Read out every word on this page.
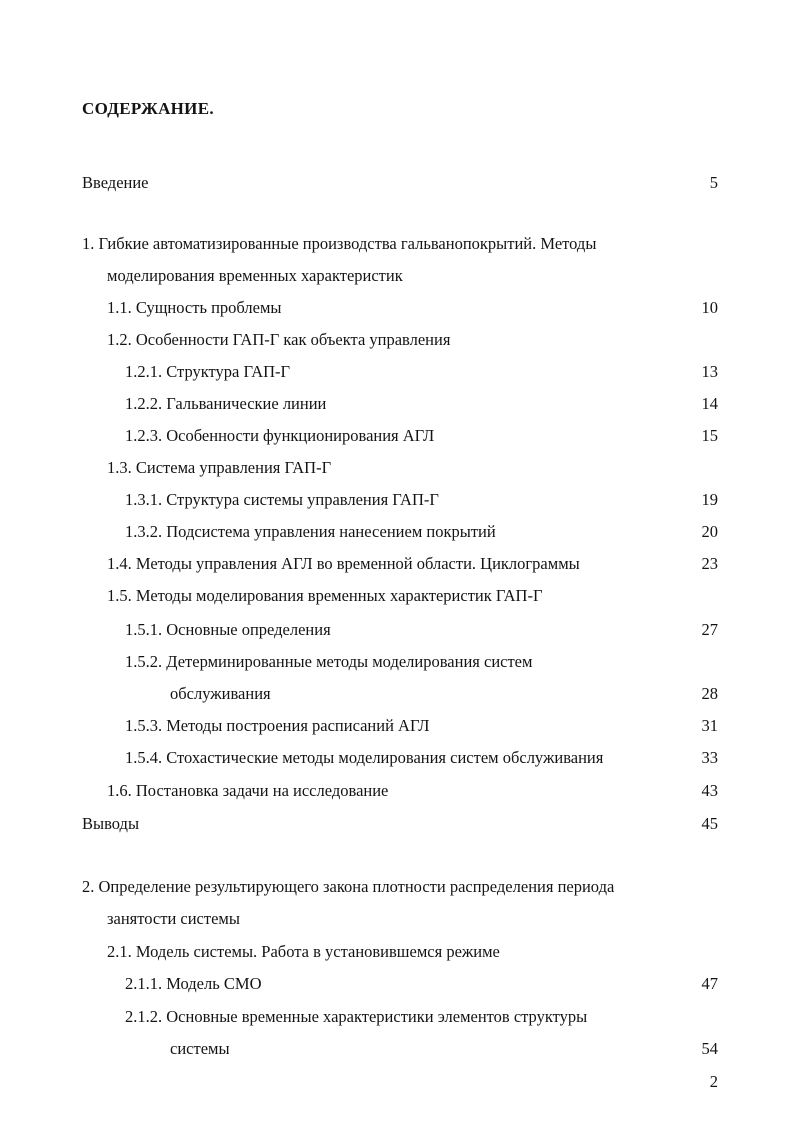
СОДЕРЖАНИЕ.
Введение	5
1. Гибкие автоматизированные производства гальванопокрытий. Методы
моделирования временных характеристик
1.1. Сущность проблемы	10
1.2. Особенности ГАП-Г как объекта управления
1.2.1. Структура ГАП-Г	13
1.2.2. Гальванические линии	14
1.2.3. Особенности функционирования АГЛ	15
1.3. Система управления ГАП-Г
1.3.1. Структура системы управления ГАП-Г	19
1.3.2. Подсистема управления нанесением покрытий	20
1.4. Методы управления АГЛ во временной области. Циклограммы	23
1.5. Методы моделирования временных характеристик ГАП-Г
1.5.1. Основные определения	27
1.5.2. Детерминированные методы моделирования систем
обслуживания	28
1.5.3. Методы построения расписаний АГЛ	31
1.5.4. Стохастические методы моделирования систем обслуживания	33
1.6. Постановка задачи на исследование	43
Выводы	45
2. Определение результирующего закона плотности распределения периода
занятости системы
2.1. Модель системы. Работа в установившемся режиме
2.1.1. Модель СМО	47
2.1.2. Основные временные характеристики элементов структуры
системы	54
2
